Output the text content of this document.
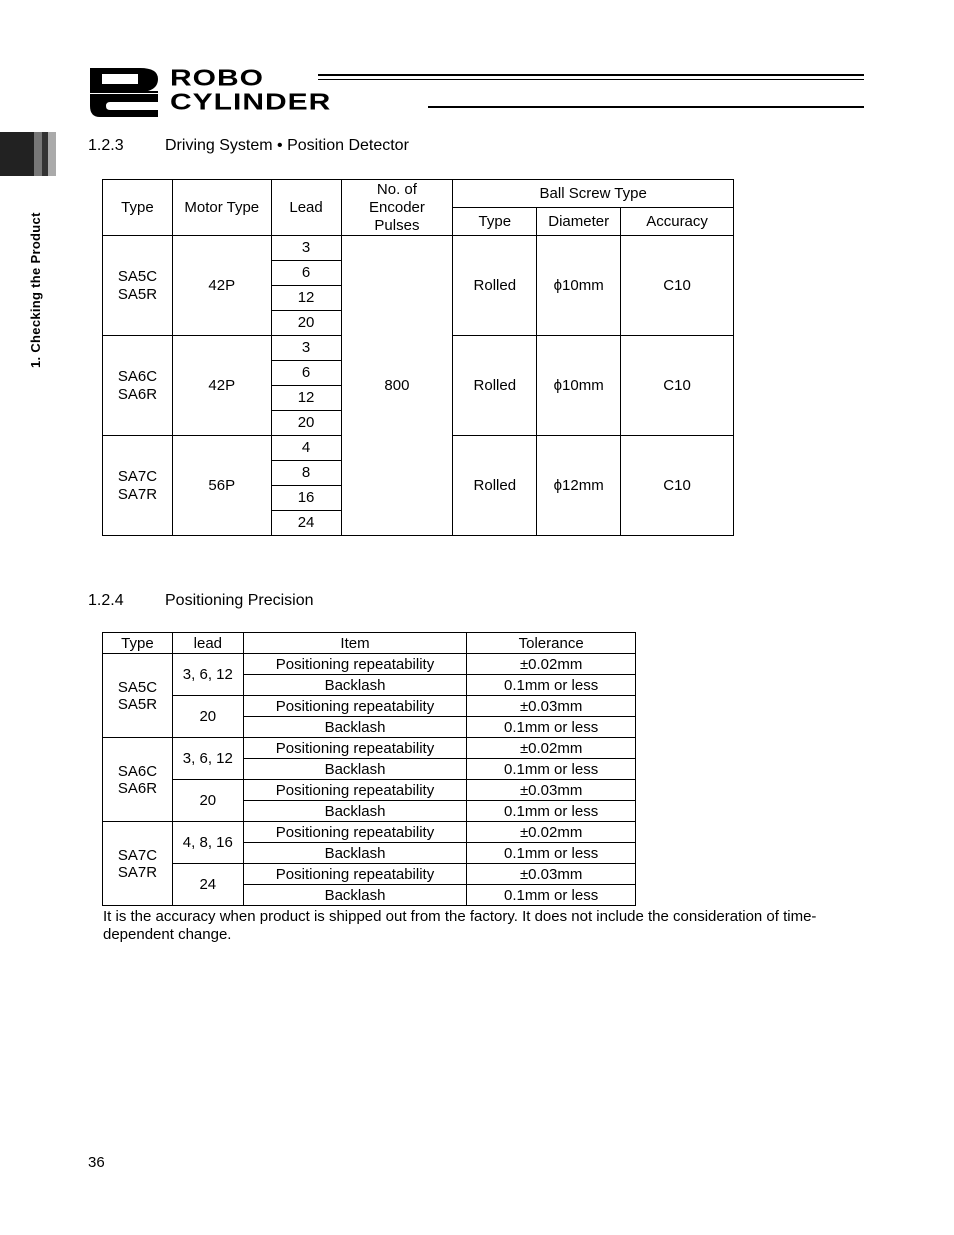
ROBO
CYLINDER
1. Checking the Product
1.2.3	Driving System • Position Detector
Type	Motor Type	Lead	No. of Encoder Pulses	Ball Screw Type		
				Type	Diameter	Accuracy
SA5C
SA5R	42P	3	800	Rolled	ϕ10mm	C10
		6				
		12				
		20				
SA6C
SA6R	42P	3		Rolled	ϕ10mm	C10
		6				
		12				
		20				
SA7C
SA7R	56P	4		Rolled	ϕ12mm	C10
		8				
		16				
		24				
1.2.4	Positioning Precision
Type	lead	Item	Tolerance
SA5C
SA5R	3, 6, 12	Positioning repeatability	±0.02mm
		Backlash	0.1mm or less
	20	Positioning repeatability	±0.03mm
		Backlash	0.1mm or less
SA6C
SA6R	3, 6, 12	Positioning repeatability	±0.02mm
		Backlash	0.1mm or less
	20	Positioning repeatability	±0.03mm
		Backlash	0.1mm or less
SA7C
SA7R	4, 8, 16	Positioning repeatability	±0.02mm
		Backlash	0.1mm or less
	24	Positioning repeatability	±0.03mm
		Backlash	0.1mm or less
It is the accuracy when product is shipped out from the factory. It does not include the consideration of time-dependent change.
36
